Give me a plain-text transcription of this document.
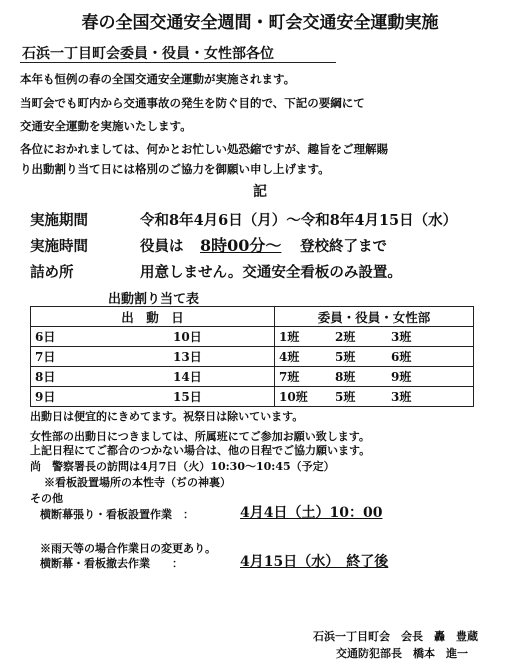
春の全国交通安全週間・町会交通安全運動実施
石浜一丁目町会委員・役員・女性部各位
本年も恒例の春の全国交通安全運動が実施されます。
当町会でも町内から交通事故の発生を防ぐ目的で、下記の要綱にて
交通安全運動を実施いたします。
各位におかれましては、何かとお忙しい処恐縮ですが、趣旨をご理解賜
り出動割り当て日には格別のご協力を御願い申し上げます。
記
実施期間	令和8年4月6日（月）～令和8年4月15日（水）
実施時間	役員は 8時00分～ 登校終了まで
詰め所	用意しません。交通安全看板のみ設置。
出動割り当て表
出　動　日	委員・役員・女性部
6日 10日	1班 2班 3班
7日 13日	4班 5班 6班
8日 14日	7班 8班 9班
9日 15日	10班 5班 3班
出動日は便宜的にきめてます。祝祭日は除いています。
女性部の出動日につきましては、所属班にてご参加お願い致します。
上記日程にてご都合のつかない場合は、他の日程でご協力願います。
尚　警察署長の訪問は4月7日（火）10:30～10:45（予定）
※看板設置場所の本性寺（ぢの神裏）
その他
横断幕張り・看板設置作業　：	4月4日（土）10：00
※雨天等の場合作業日の変更あり。
横断幕・看板撤去作業　　：	4月15日（水）　終了後
石浜一丁目町会　会長　轟　豊蔵
交通防犯部長　橋本　進一
